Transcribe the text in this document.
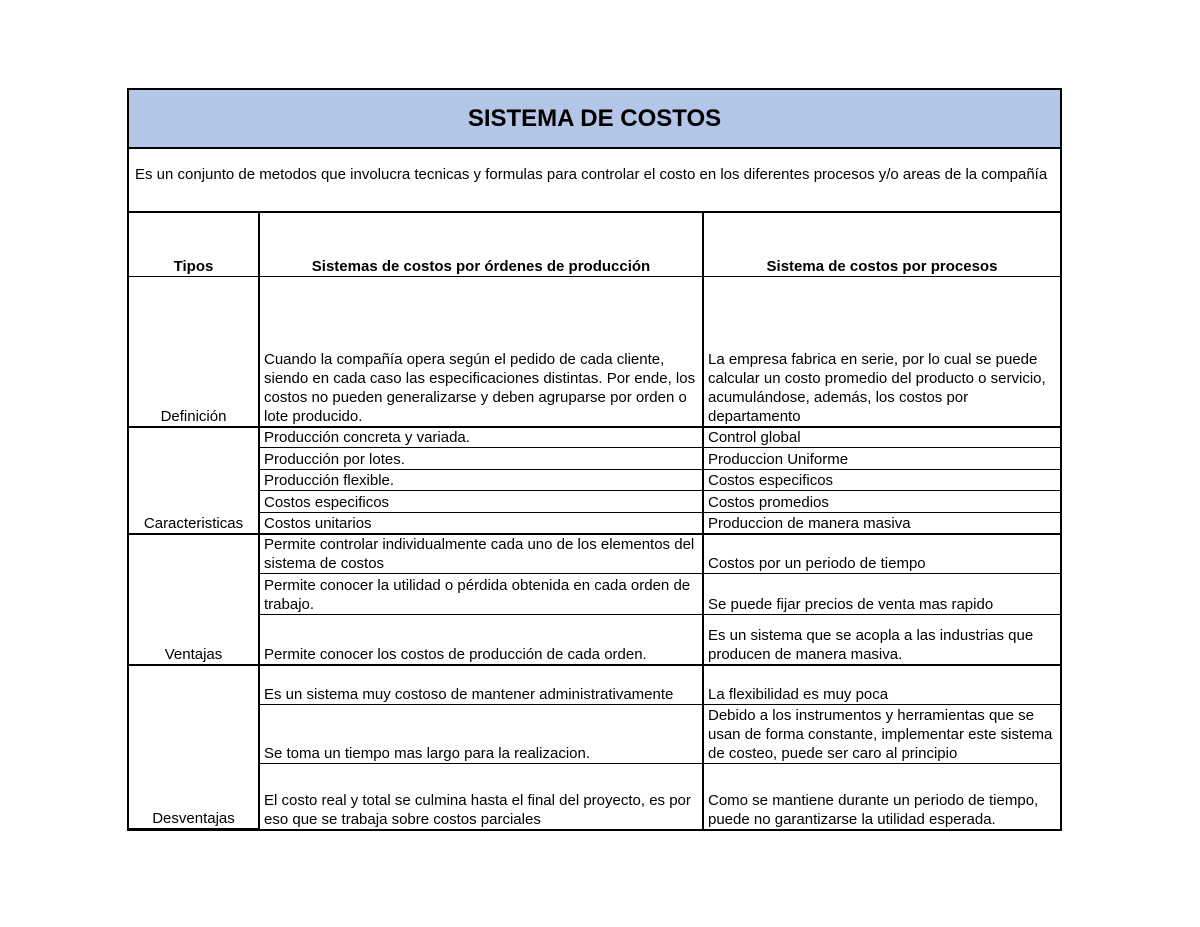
SISTEMA DE COSTOS
Es un conjunto de metodos que involucra tecnicas y formulas para controlar el costo en los diferentes procesos y/o areas de la compañía
Tipos	Sistemas de costos por órdenes de producción	Sistema de costos por procesos
Definición	Cuando la compañía opera según el pedido de cada cliente, siendo en cada caso las especificaciones distintas. Por ende, los costos no pueden generalizarse y deben agruparse por orden o lote producido.	La empresa fabrica en serie, por lo cual se puede calcular un costo promedio del producto o servicio, acumulándose, además, los costos por departamento
Caracteristicas	Producción concreta y variada.	Control global
	Producción por lotes.	Produccion Uniforme
	Producción flexible.	Costos especificos
	Costos especificos	Costos promedios
	Costos unitarios	Produccion de manera masiva
Ventajas	Permite controlar individualmente cada uno de los elementos del sistema de costos	Costos por un periodo de tiempo
	Permite conocer la utilidad o pérdida obtenida en cada orden de trabajo.	Se puede fijar precios de venta mas rapido
	Permite conocer los costos de producción de cada orden.	Es un sistema que se acopla a las industrias que producen de manera masiva.
Desventajas	Es un sistema muy costoso de mantener administrativamente	La flexibilidad es muy poca
	Se toma un tiempo mas largo para la realizacion.	Debido a los instrumentos y herramientas que se usan de forma constante, implementar este sistema de costeo, puede ser caro al principio
	El costo real y total se culmina hasta el final del proyecto, es por eso que se trabaja sobre costos parciales	Como se mantiene durante un periodo de tiempo, puede no garantizarse la utilidad esperada.
